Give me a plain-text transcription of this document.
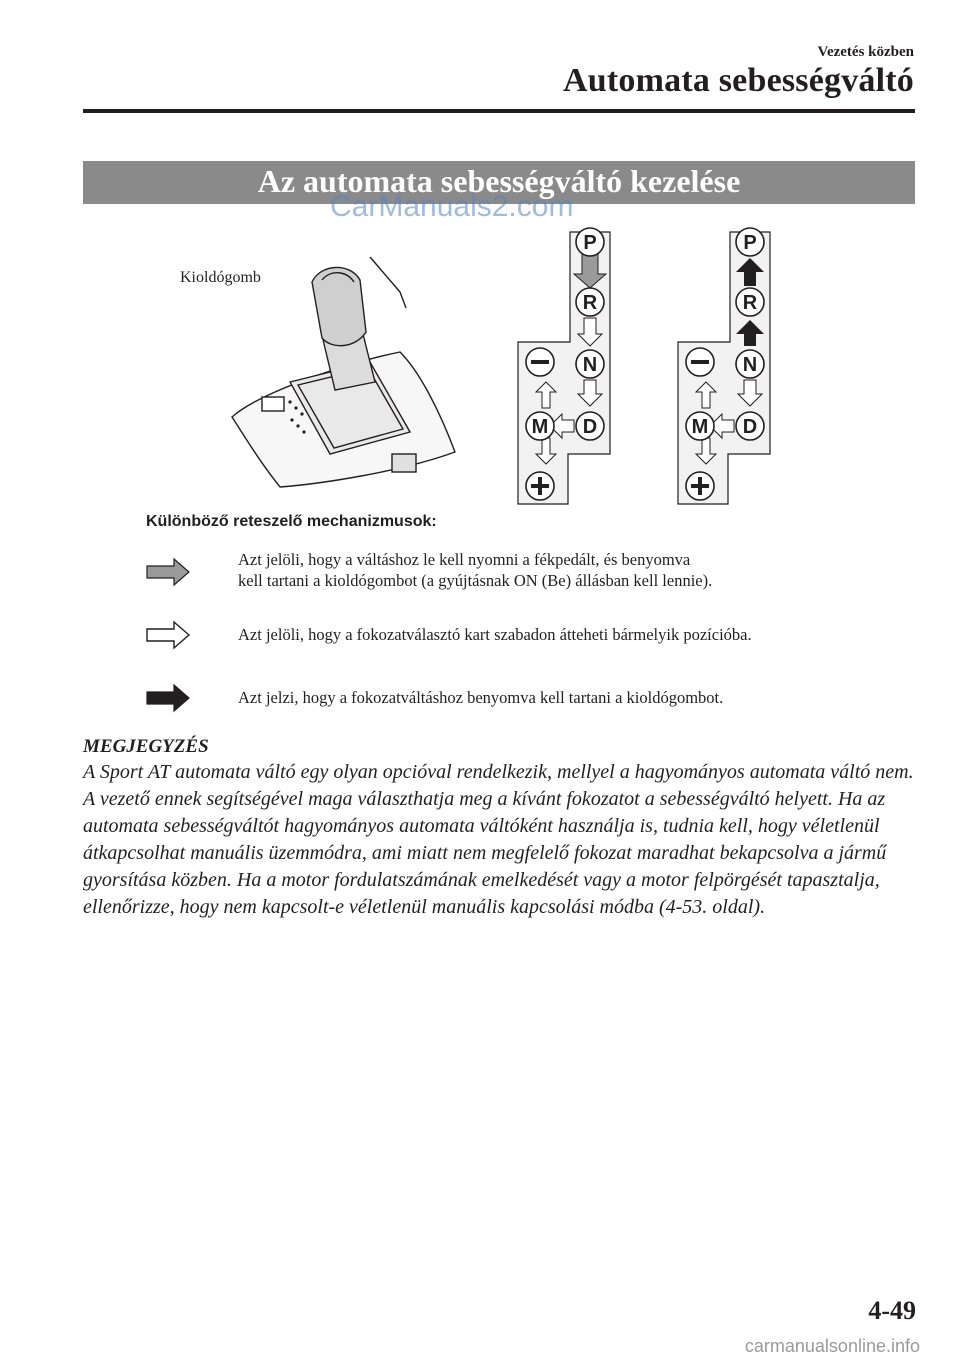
Vezetés közben
Automata sebességváltó
Az automata sebességváltó kezelése
CarManuals2.com
Kioldógomb
P
R
N
D
M
P
R
N
D
M
Különböző reteszelő mechanizmusok:
Azt jelöli, hogy a váltáshoz le kell nyomni a fékpedált, és benyomva
kell tartani a kioldógombot (a gyújtásnak ON (Be) állásban kell lennie).
Azt jelöli, hogy a fokozatválasztó kart szabadon átteheti bármelyik pozícióba.
Azt jelzi, hogy a fokozatváltáshoz benyomva kell tartani a kioldógombot.
MEGJEGYZÉS
A Sport AT automata váltó egy olyan opcióval rendelkezik, mellyel a hagyományos automata váltó nem. A vezető ennek segítségével maga választhatja meg a kívánt fokozatot a sebességváltó helyett. Ha az automata sebességváltót hagyományos automata váltóként használja is, tudnia kell, hogy véletlenül átkapcsolhat manuális üzemmódra, ami miatt nem megfelelő fokozat maradhat bekapcsolva a jármű gyorsítása közben. Ha a motor fordulatszámának emelkedését vagy a motor felpörgését tapasztalja, ellenőrizze, hogy nem kapcsolt-e véletlenül manuális kapcsolási módba (4-53. oldal).
4-49
carmanualsonline.info
